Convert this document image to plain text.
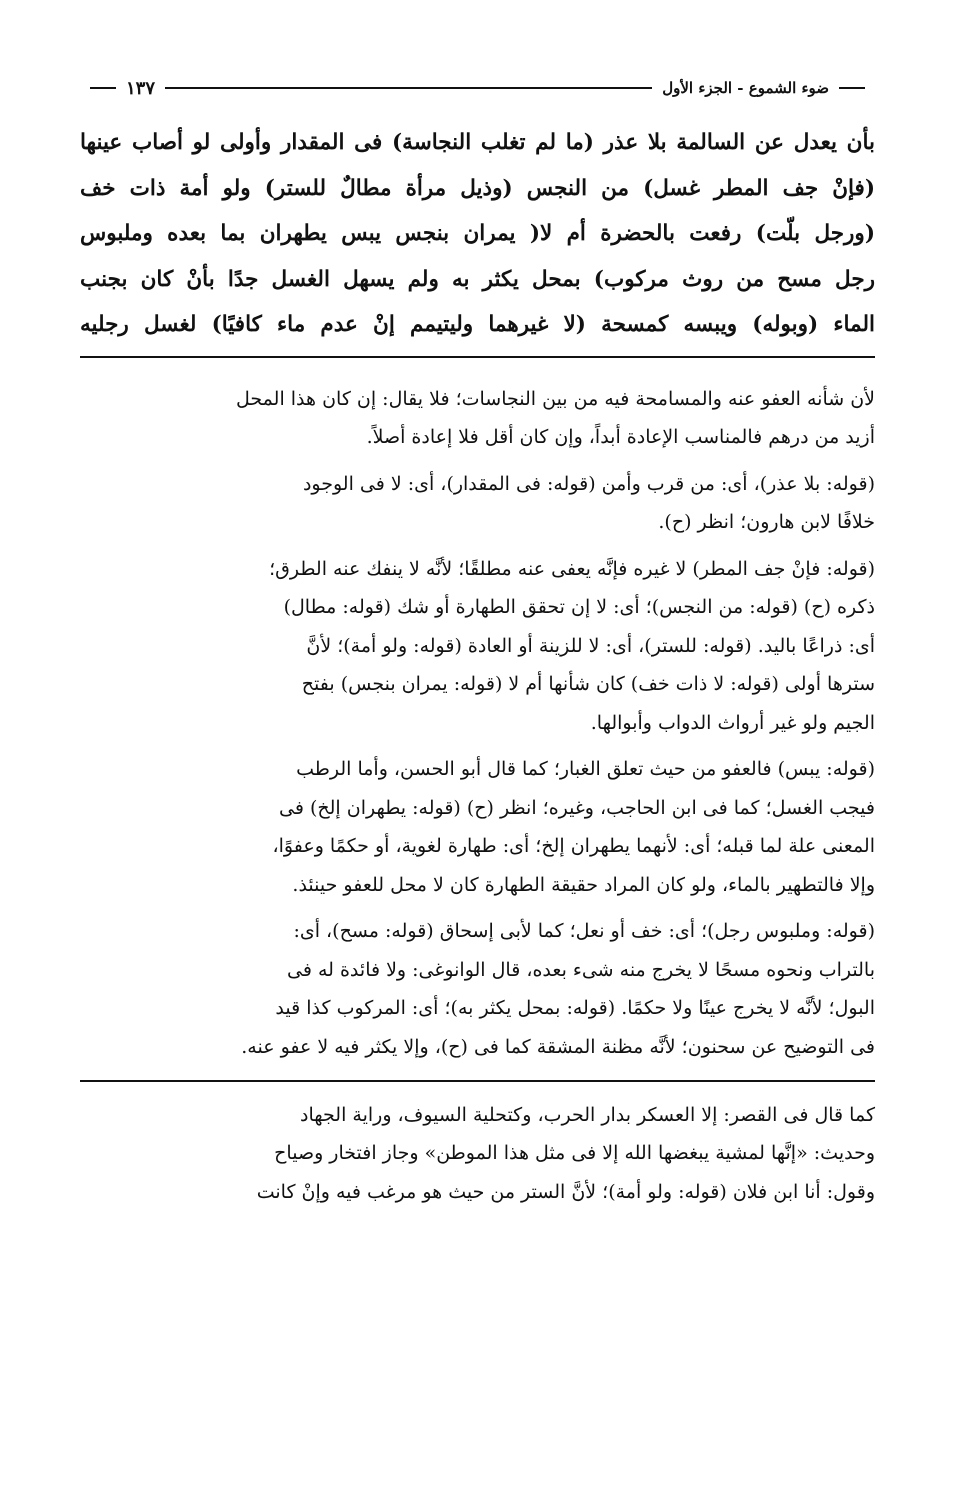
ضوء الشموع - الجزء الأول
١٣٧

بأن يعدل عن السالمة بلا عذر (ما لم تغلب النجاسة) فى المقدار وأولى لو أصاب عينها

(فإنْ جف المطر غسل) من النجس (وذيل مرأة مطالٌ للستر) ولو أمة ذات خف

(ورجل بلّت) رفعت بالحضرة أم لا( يمران بنجس يبس يطهران بما بعده وملبوس

رجل مسح من روث مركوب) بمحل يكثر به ولم يسهل الغسل جدًا بأنْ كان بجنب

الماء (وبوله) ويبسه كمسحة (لا غيرهما وليتيمم إنْ عدم ماء كافيًا) لغسل رجليه

لأن شأنه العفو عنه والمسامحة فيه من بين النجاسات؛ فلا يقال: إن كان هذا المحل
أزيد من درهم فالمناسب الإعادة أبداً، وإن كان أقل فلا إعادة أصلاً.
(قوله: بلا عذر)، أى: من قرب وأمن (قوله: فى المقدار)، أى: لا فى الوجود
خلافًا لابن هارون؛ انظر (ح).
(قوله: فإنْ جف المطر) لا غيره فإنَّه يعفى عنه مطلقًا؛ لأنَّه لا ينفك عنه الطرق؛
ذكره (ح) (قوله: من النجس)؛ أى: لا إن تحقق الطهارة أو شك (قوله: مطال)
أى: ذراعًا باليد. (قوله: للستر)، أى: لا للزينة أو العادة (قوله: ولو أمة)؛ لأنَّ
سترها أولى (قوله: لا ذات خف) كان شأنها أم لا (قوله: يمران بنجس) بفتح
الجيم ولو غير أرواث الدواب وأبوالها.
(قوله: يبس) فالعفو من حيث تعلق الغبار؛ كما قال أبو الحسن، وأما الرطب
فيجب الغسل؛ كما فى ابن الحاجب، وغيره؛ انظر (ح) (قوله: يطهران إلخ) فى
المعنى علة لما قبله؛ أى: لأنهما يطهران إلخ؛ أى: طهارة لغوية، أو حكمًا وعفوًا،
وإلا فالتطهير بالماء، ولو كان المراد حقيقة الطهارة كان لا محل للعفو حينئذ.
(قوله: وملبوس رجل)؛ أى: خف أو نعل؛ كما لأبى إسحاق (قوله: مسح)، أى:
بالتراب ونحوه مسحًا لا يخرج منه شىء بعده، قال الوانوغى: ولا فائدة له فى
البول؛ لأنَّه لا يخرج عينًا ولا حكمًا. (قوله: بمحل يكثر به)؛ أى: المركوب كذا قيد
فى التوضيح عن سحنون؛ لأنَّه مظنة المشقة كما فى (ح)، وإلا يكثر فيه لا عفو عنه.
كما قال فى القصر: إلا العسكر بدار الحرب، وكتحلية السيوف، وراية الجهاد
وحديث: «إنَّها لمشية يبغضها الله إلا فى مثل هذا الموطن» وجاز افتخار وصياح
وقول: أنا ابن فلان (قوله: ولو أمة)؛ لأنَّ الستر من حيث هو مرغب فيه وإنْ كانت
